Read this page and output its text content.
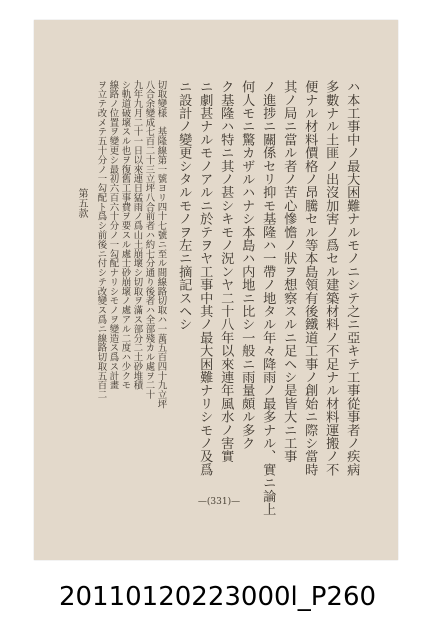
ハ本工事中ノ最大困難ナルモノニシテ之ニ亞キテ工事從事者ノ疾病
多數ナル土匪ノ出沒加害ノ爲セル建築材料ノ不足ナル材料運搬ノ不
便ナル材料價格ノ昂騰セル等本島領有後鐵道工事ノ創始ニ際シ當時
其ノ局ニ當ル者ノ苦心慘憺ノ狀ヲ想察スルニ足ヘシ是皆大ニ工事
ノ進捗ニ關係セリ抑モ基隆ハ一帶ノ地タル年々降雨ノ最多ナル、實ニ論上
何人モニ驚カザルハナシ本島ハ内地ニ比シ一般ニ雨量頗ル多ク
ク基隆ハ特ニ其ノ甚シキモノ況ンヤ二十八年以來連年風水ノ害實
ニ劇甚ナルモノアルニ於テヲヤ工事中其ノ最大困難ナリシモノ及爲
ニ設計ノ變更シタルモノヲ左ニ摘記スヘシ
切取變様　基隆線第一號ヨリ四十七號ニ至ル間線路切取ハ一萬五百四十九立坪
八合余變成七百二十三立坪八合前者ハ約七分通り後者ハ全部殘カル處ヲ二十
九年九月二十一日以來連日猛雨ノ爲山土崩壞シ切取ヲ滿ス部分二土砂堆積
シ軌道破壞スル也ヲ復舊工事費ヲ要スル處士砂崩壞ノ處アル二度ハ少クモ
線路ノ位置ヲ變更シ最初六百六十分ノ一勾配ナリシモノヲ變造ス爲ス計畫
ヲ立テ改メテ五十分ノ一勾配ト爲シ前後ニ付シテ改變ス爲ニ線路切取五百二
第五款
—(331)—
20110120223000l_P260
